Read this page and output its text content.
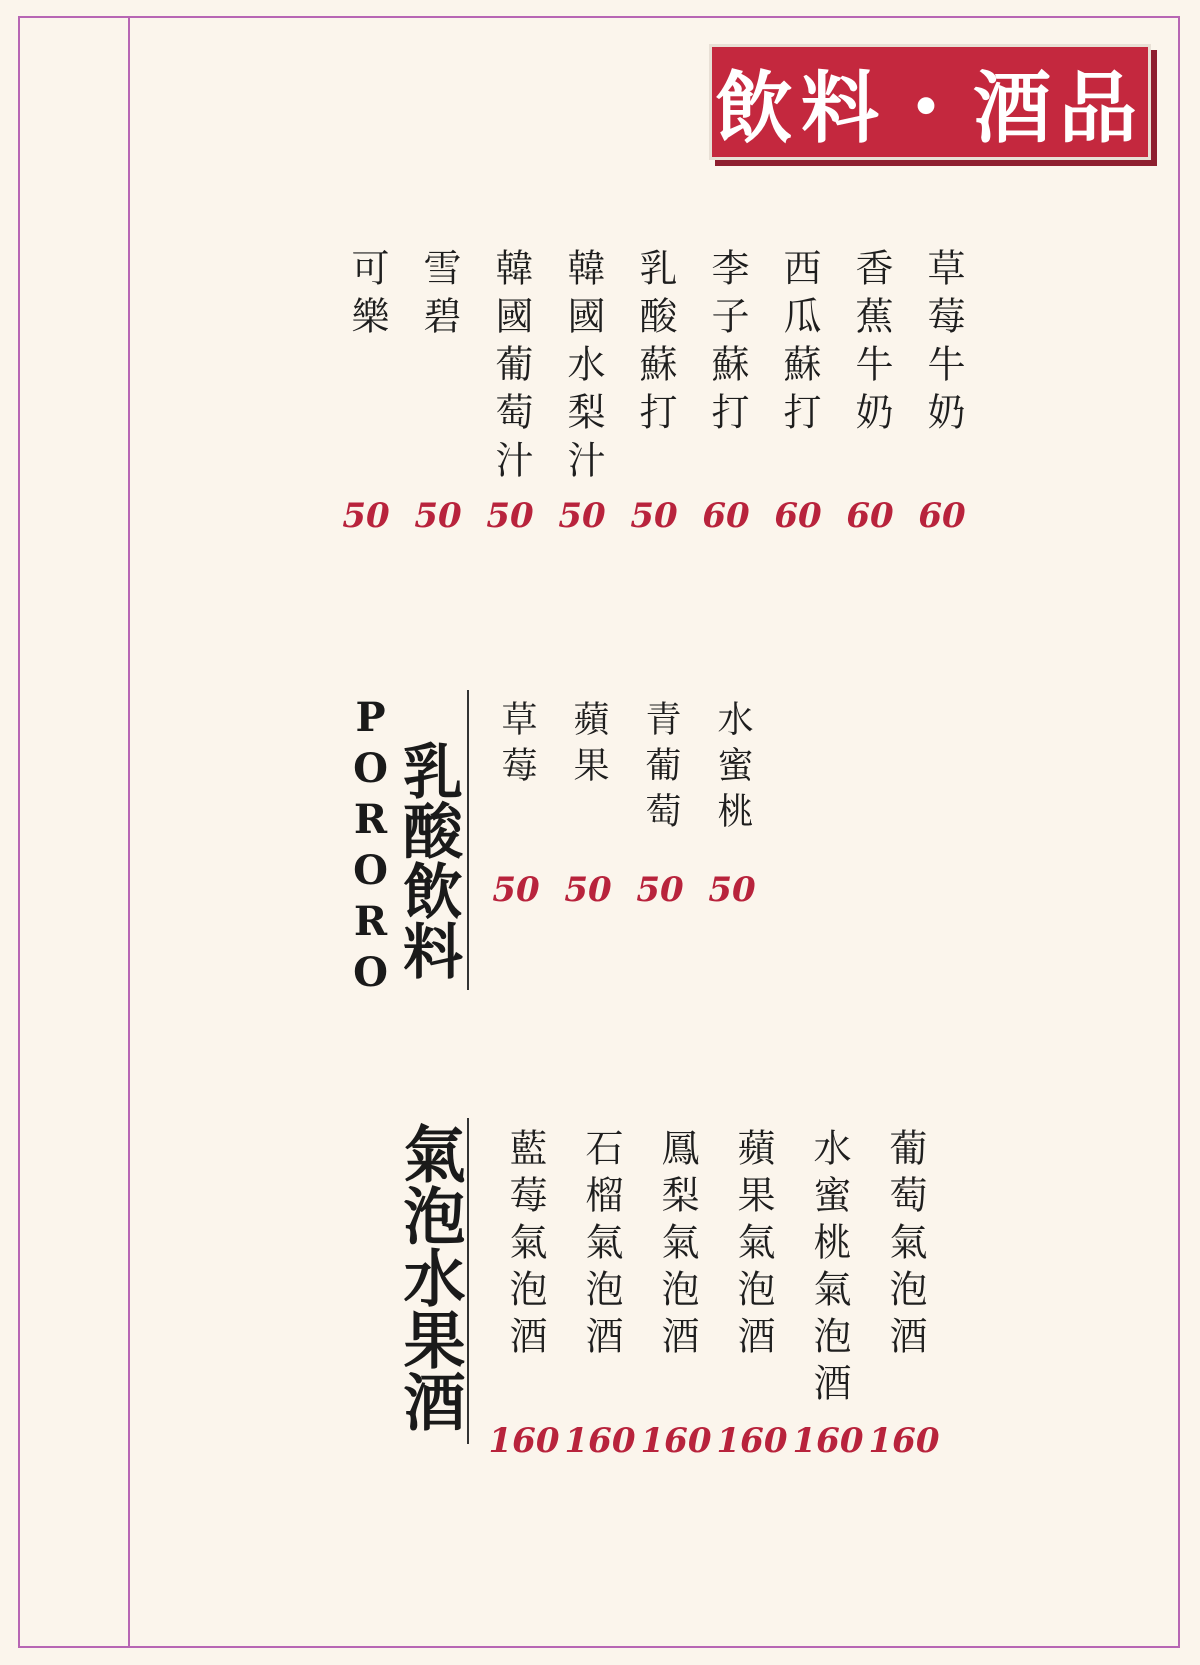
飲料・酒品
草莓牛奶
60
香蕉牛奶
60
西瓜蘇打
60
李子蘇打
60
乳酸蘇打
50
韓國水梨汁
50
韓國葡萄汁
50
雪碧
50
可樂
50
PORORO 乳酸飲料	水蜜桃
50
青葡萄
50
蘋果
50
草莓
50
氣泡水果酒	葡萄氣泡酒
160
水蜜桃氣泡酒
160
蘋果氣泡酒
160
鳳梨氣泡酒
160
石榴氣泡酒
160
藍莓氣泡酒
160
